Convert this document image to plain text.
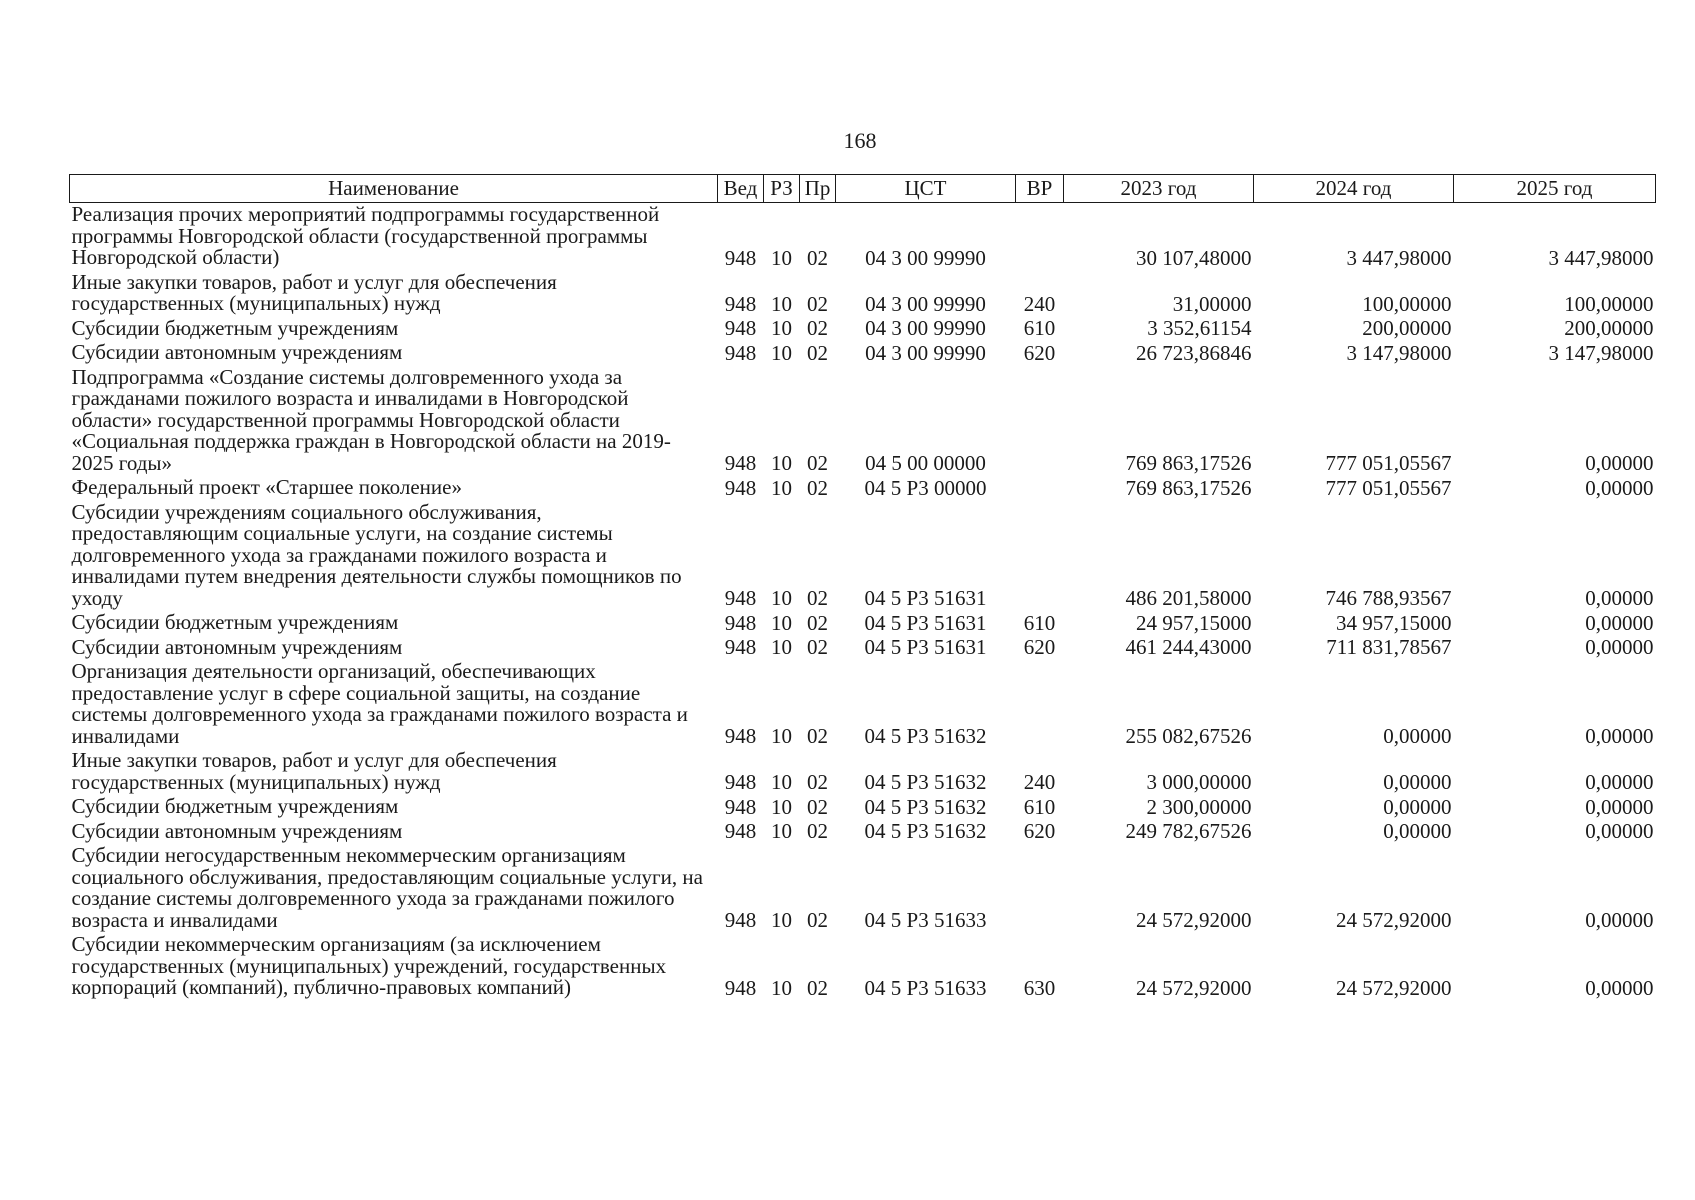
168
Наименование	Вед	РЗ	Пр	ЦСТ	ВР	2023 год	2024 год	2025 год
Реализация прочих мероприятий подпрограммы государственной программы Новгородской области (государственной программы Новгородской области)	948	10	02	04 3 00 99990		30 107,48000	3 447,98000	3 447,98000
Иные закупки товаров, работ и услуг для обеспечения государственных (муниципальных) нужд	948	10	02	04 3 00 99990	240	31,00000	100,00000	100,00000
Субсидии бюджетным учреждениям	948	10	02	04 3 00 99990	610	3 352,61154	200,00000	200,00000
Субсидии автономным учреждениям	948	10	02	04 3 00 99990	620	26 723,86846	3 147,98000	3 147,98000
Подпрограмма «Создание системы долговременного ухода за гражданами пожилого возраста и инвалидами в Новгородской области» государственной программы Новгородской области «Социальная поддержка граждан в Новгородской области на 2019-2025 годы»	948	10	02	04 5 00 00000		769 863,17526	777 051,05567	0,00000
Федеральный проект «Старшее поколение»	948	10	02	04 5 P3 00000		769 863,17526	777 051,05567	0,00000
Субсидии учреждениям социального обслуживания, предоставляющим социальные услуги, на создание системы долговременного ухода за гражданами пожилого возраста и инвалидами путем внедрения деятельности службы помощников по уходу	948	10	02	04 5 P3 51631		486 201,58000	746 788,93567	0,00000
Субсидии бюджетным учреждениям	948	10	02	04 5 P3 51631	610	24 957,15000	34 957,15000	0,00000
Субсидии автономным учреждениям	948	10	02	04 5 P3 51631	620	461 244,43000	711 831,78567	0,00000
Организация деятельности организаций, обеспечивающих предоставление услуг в сфере социальной защиты, на создание системы долговременного ухода за гражданами пожилого возраста и инвалидами	948	10	02	04 5 P3 51632		255 082,67526	0,00000	0,00000
Иные закупки товаров, работ и услуг для обеспечения государственных (муниципальных) нужд	948	10	02	04 5 P3 51632	240	3 000,00000	0,00000	0,00000
Субсидии бюджетным учреждениям	948	10	02	04 5 P3 51632	610	2 300,00000	0,00000	0,00000
Субсидии автономным учреждениям	948	10	02	04 5 P3 51632	620	249 782,67526	0,00000	0,00000
Субсидии негосударственным некоммерческим организациям социального обслуживания, предоставляющим социальные услуги, на создание системы долговременного ухода за гражданами пожилого возраста и инвалидами	948	10	02	04 5 P3 51633		24 572,92000	24 572,92000	0,00000
Субсидии некоммерческим организациям (за исключением государственных (муниципальных) учреждений, государственных корпораций (компаний), публично-правовых компаний)	948	10	02	04 5 P3 51633	630	24 572,92000	24 572,92000	0,00000
